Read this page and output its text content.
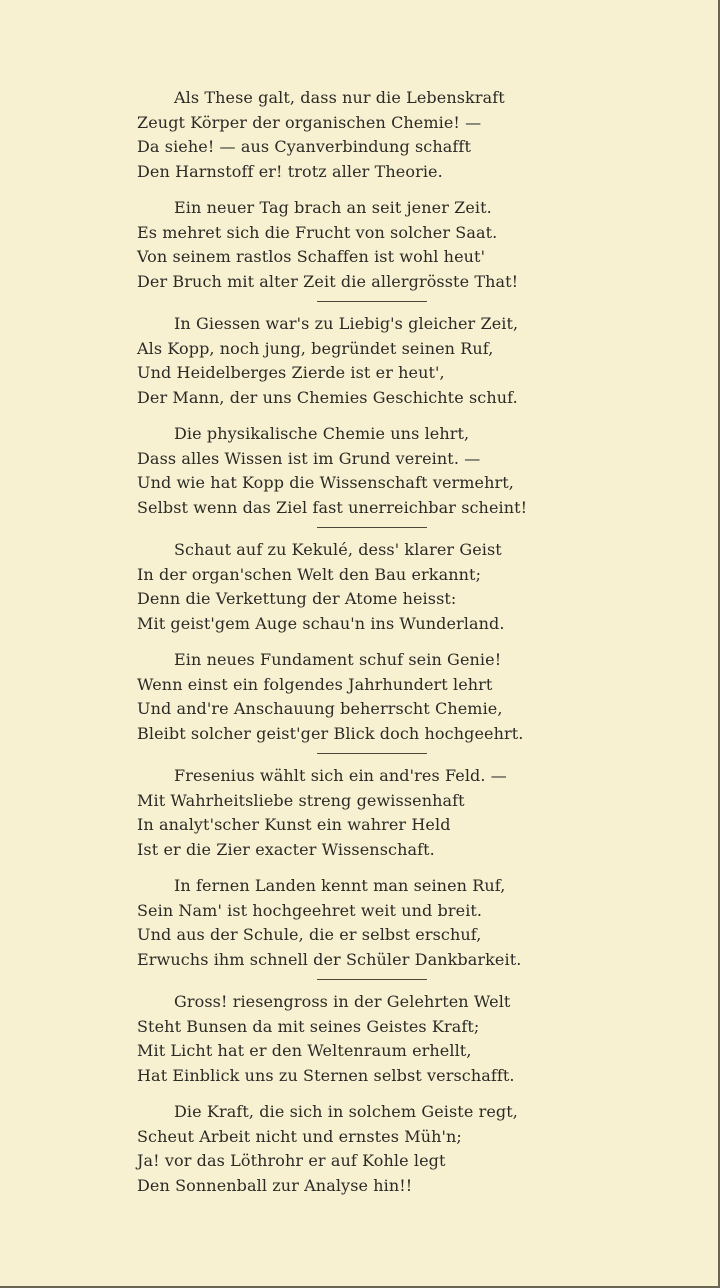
Als These galt, dass nur die Lebenskraft
Zeugt Körper der organischen Chemie! —
Da siehe! — aus Cyanverbindung schafft
Den Harnstoff er! trotz aller Theorie.
Ein neuer Tag brach an seit jener Zeit.
Es mehret sich die Frucht von solcher Saat.
Von seinem rastlos Schaffen ist wohl heut'
Der Bruch mit alter Zeit die allergrösste That!
In Giessen war's zu Liebig's gleicher Zeit,
Als Kopp, noch jung, begründet seinen Ruf,
Und Heidelberges Zierde ist er heut',
Der Mann, der uns Chemies Geschichte schuf.
Die physikalische Chemie uns lehrt,
Dass alles Wissen ist im Grund vereint. —
Und wie hat Kopp die Wissenschaft vermehrt,
Selbst wenn das Ziel fast unerreichbar scheint!
Schaut auf zu Kekulé, dess' klarer Geist
In der organ'schen Welt den Bau erkannt;
Denn die Verkettung der Atome heisst:
Mit geist'gem Auge schau'n ins Wunderland.
Ein neues Fundament schuf sein Genie!
Wenn einst ein folgendes Jahrhundert lehrt
Und and're Anschauung beherrscht Chemie,
Bleibt solcher geist'ger Blick doch hochgeehrt.
Fresenius wählt sich ein and'res Feld. —
Mit Wahrheitsliebe streng gewissenhaft
In analyt'scher Kunst ein wahrer Held
Ist er die Zier exacter Wissenschaft.
In fernen Landen kennt man seinen Ruf,
Sein Nam' ist hochgeehret weit und breit.
Und aus der Schule, die er selbst erschuf,
Erwuchs ihm schnell der Schüler Dankbarkeit.
Gross! riesengross in der Gelehrten Welt
Steht Bunsen da mit seines Geistes Kraft;
Mit Licht hat er den Weltenraum erhellt,
Hat Einblick uns zu Sternen selbst verschafft.
Die Kraft, die sich in solchem Geiste regt,
Scheut Arbeit nicht und ernstes Müh'n;
Ja! vor das Löthrohr er auf Kohle legt
Den Sonnenball zur Analyse hin!!
